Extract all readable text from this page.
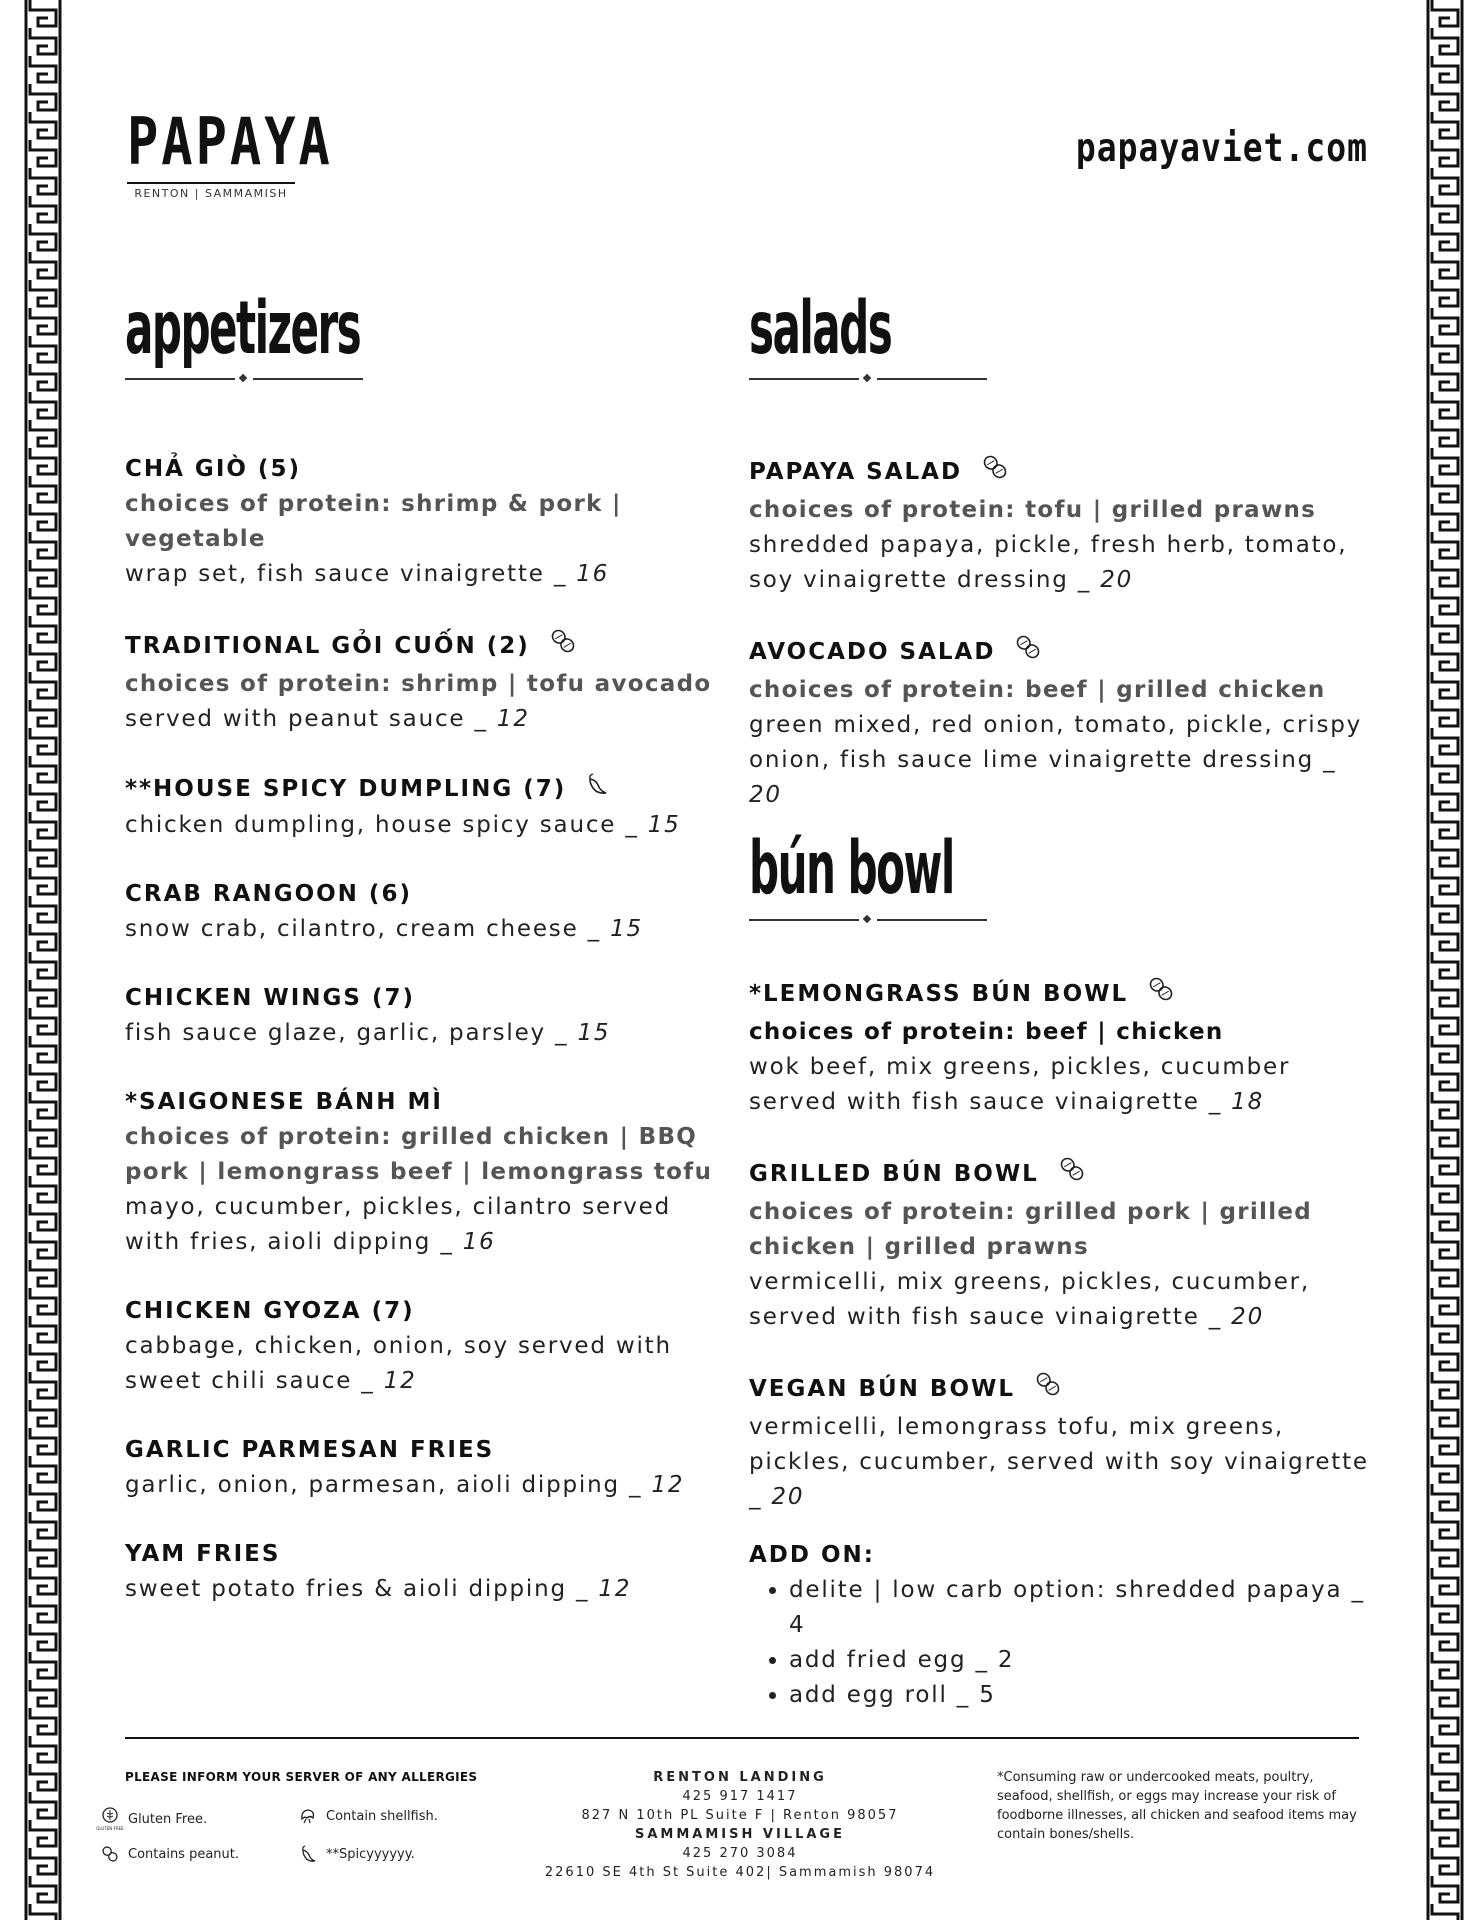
PAPAYA
RENTON | SAMMAMISH
papayaviet.com
appetizers	salads
bún bowl
CHẢ GIÒ (5)
choices of protein: shrimp & pork | vegetable
wrap set, fish sauce vinaigrette _ 16
TRADITIONAL GỎI CUỐN (2)
choices of protein: shrimp | tofu avocado
served with peanut sauce _ 12
**HOUSE SPICY DUMPLING (7)
chicken dumpling, house spicy sauce _ 15
CRAB RANGOON (6)
snow crab, cilantro, cream cheese _ 15
CHICKEN WINGS (7)
fish sauce glaze, garlic, parsley _ 15
*SAIGONESE BÁNH MÌ
choices of protein: grilled chicken | BBQ pork | lemongrass beef | lemongrass tofu
mayo, cucumber, pickles, cilantro served with fries, aioli dipping _ 16
CHICKEN GYOZA (7)
cabbage, chicken, onion, soy served with sweet chili sauce _ 12
GARLIC PARMESAN FRIES
garlic, onion, parmesan, aioli dipping _ 12
YAM FRIES
sweet potato fries & aioli dipping _ 12
PAPAYA SALAD
choices of protein: tofu | grilled prawns
shredded papaya, pickle, fresh herb, tomato, soy vinaigrette dressing _ 20
AVOCADO SALAD
choices of protein: beef | grilled chicken
green mixed, red onion, tomato, pickle, crispy onion, fish sauce lime vinaigrette dressing _ 20
*LEMONGRASS BÚN BOWL
choices of protein: beef | chicken
wok beef, mix greens, pickles, cucumber served with fish sauce vinaigrette _ 18
GRILLED BÚN BOWL
choices of protein: grilled pork | grilled chicken | grilled prawns
vermicelli, mix greens, pickles, cucumber, served with fish sauce vinaigrette _ 20
VEGAN BÚN BOWL
vermicelli, lemongrass tofu, mix greens, pickles, cucumber, served with soy vinaigrette _ 20
ADD ON:
• delite | low carb option: shredded papaya _ 4
• add fried egg _ 2
• add egg roll _ 5
PLEASE INFORM YOUR SERVER OF ANY ALLERGIES
GLUTEN FREE
Gluten Free.	Contain shellfish.
Contains peanut.	**Spicyyyyyy.
RENTON LANDING
425 917 1417
827 N 10th PL Suite F | Renton 98057
SAMMAMISH VILLAGE
425 270 3084
22610 SE 4th St Suite 402| Sammamish 98074
*Consuming raw or undercooked meats, poultry, seafood, shellfish, or eggs may increase your risk of foodborne illnesses, all chicken and seafood items may contain bones/shells.
